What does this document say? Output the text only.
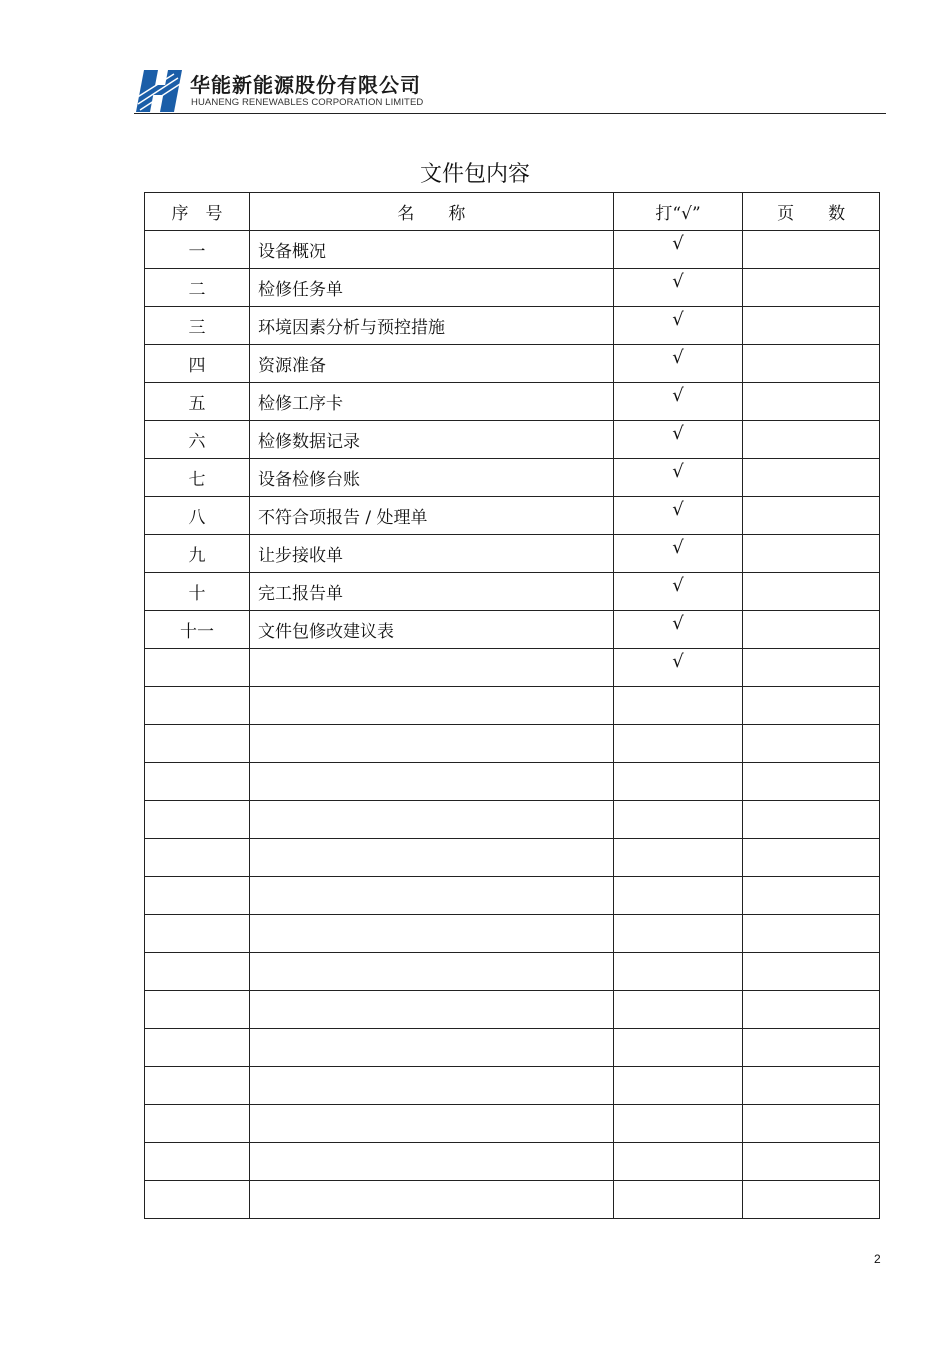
华能新能源股份有限公司
HUANENG RENEWABLES CORPORATION LIMITED
文件包内容
序　号	名　　称	打“√”	页　　数
一	设备概况	√	
二	检修任务单	√	
三	环境因素分析与预控措施	√	
四	资源准备	√	
五	检修工序卡	√	
六	检修数据记录	√	
七	设备检修台账	√	
八	不符合项报告 / 处理单	√	
九	让步接收单	√	
十	完工报告单	√	
十一	文件包修改建议表	√	
		√	

2
